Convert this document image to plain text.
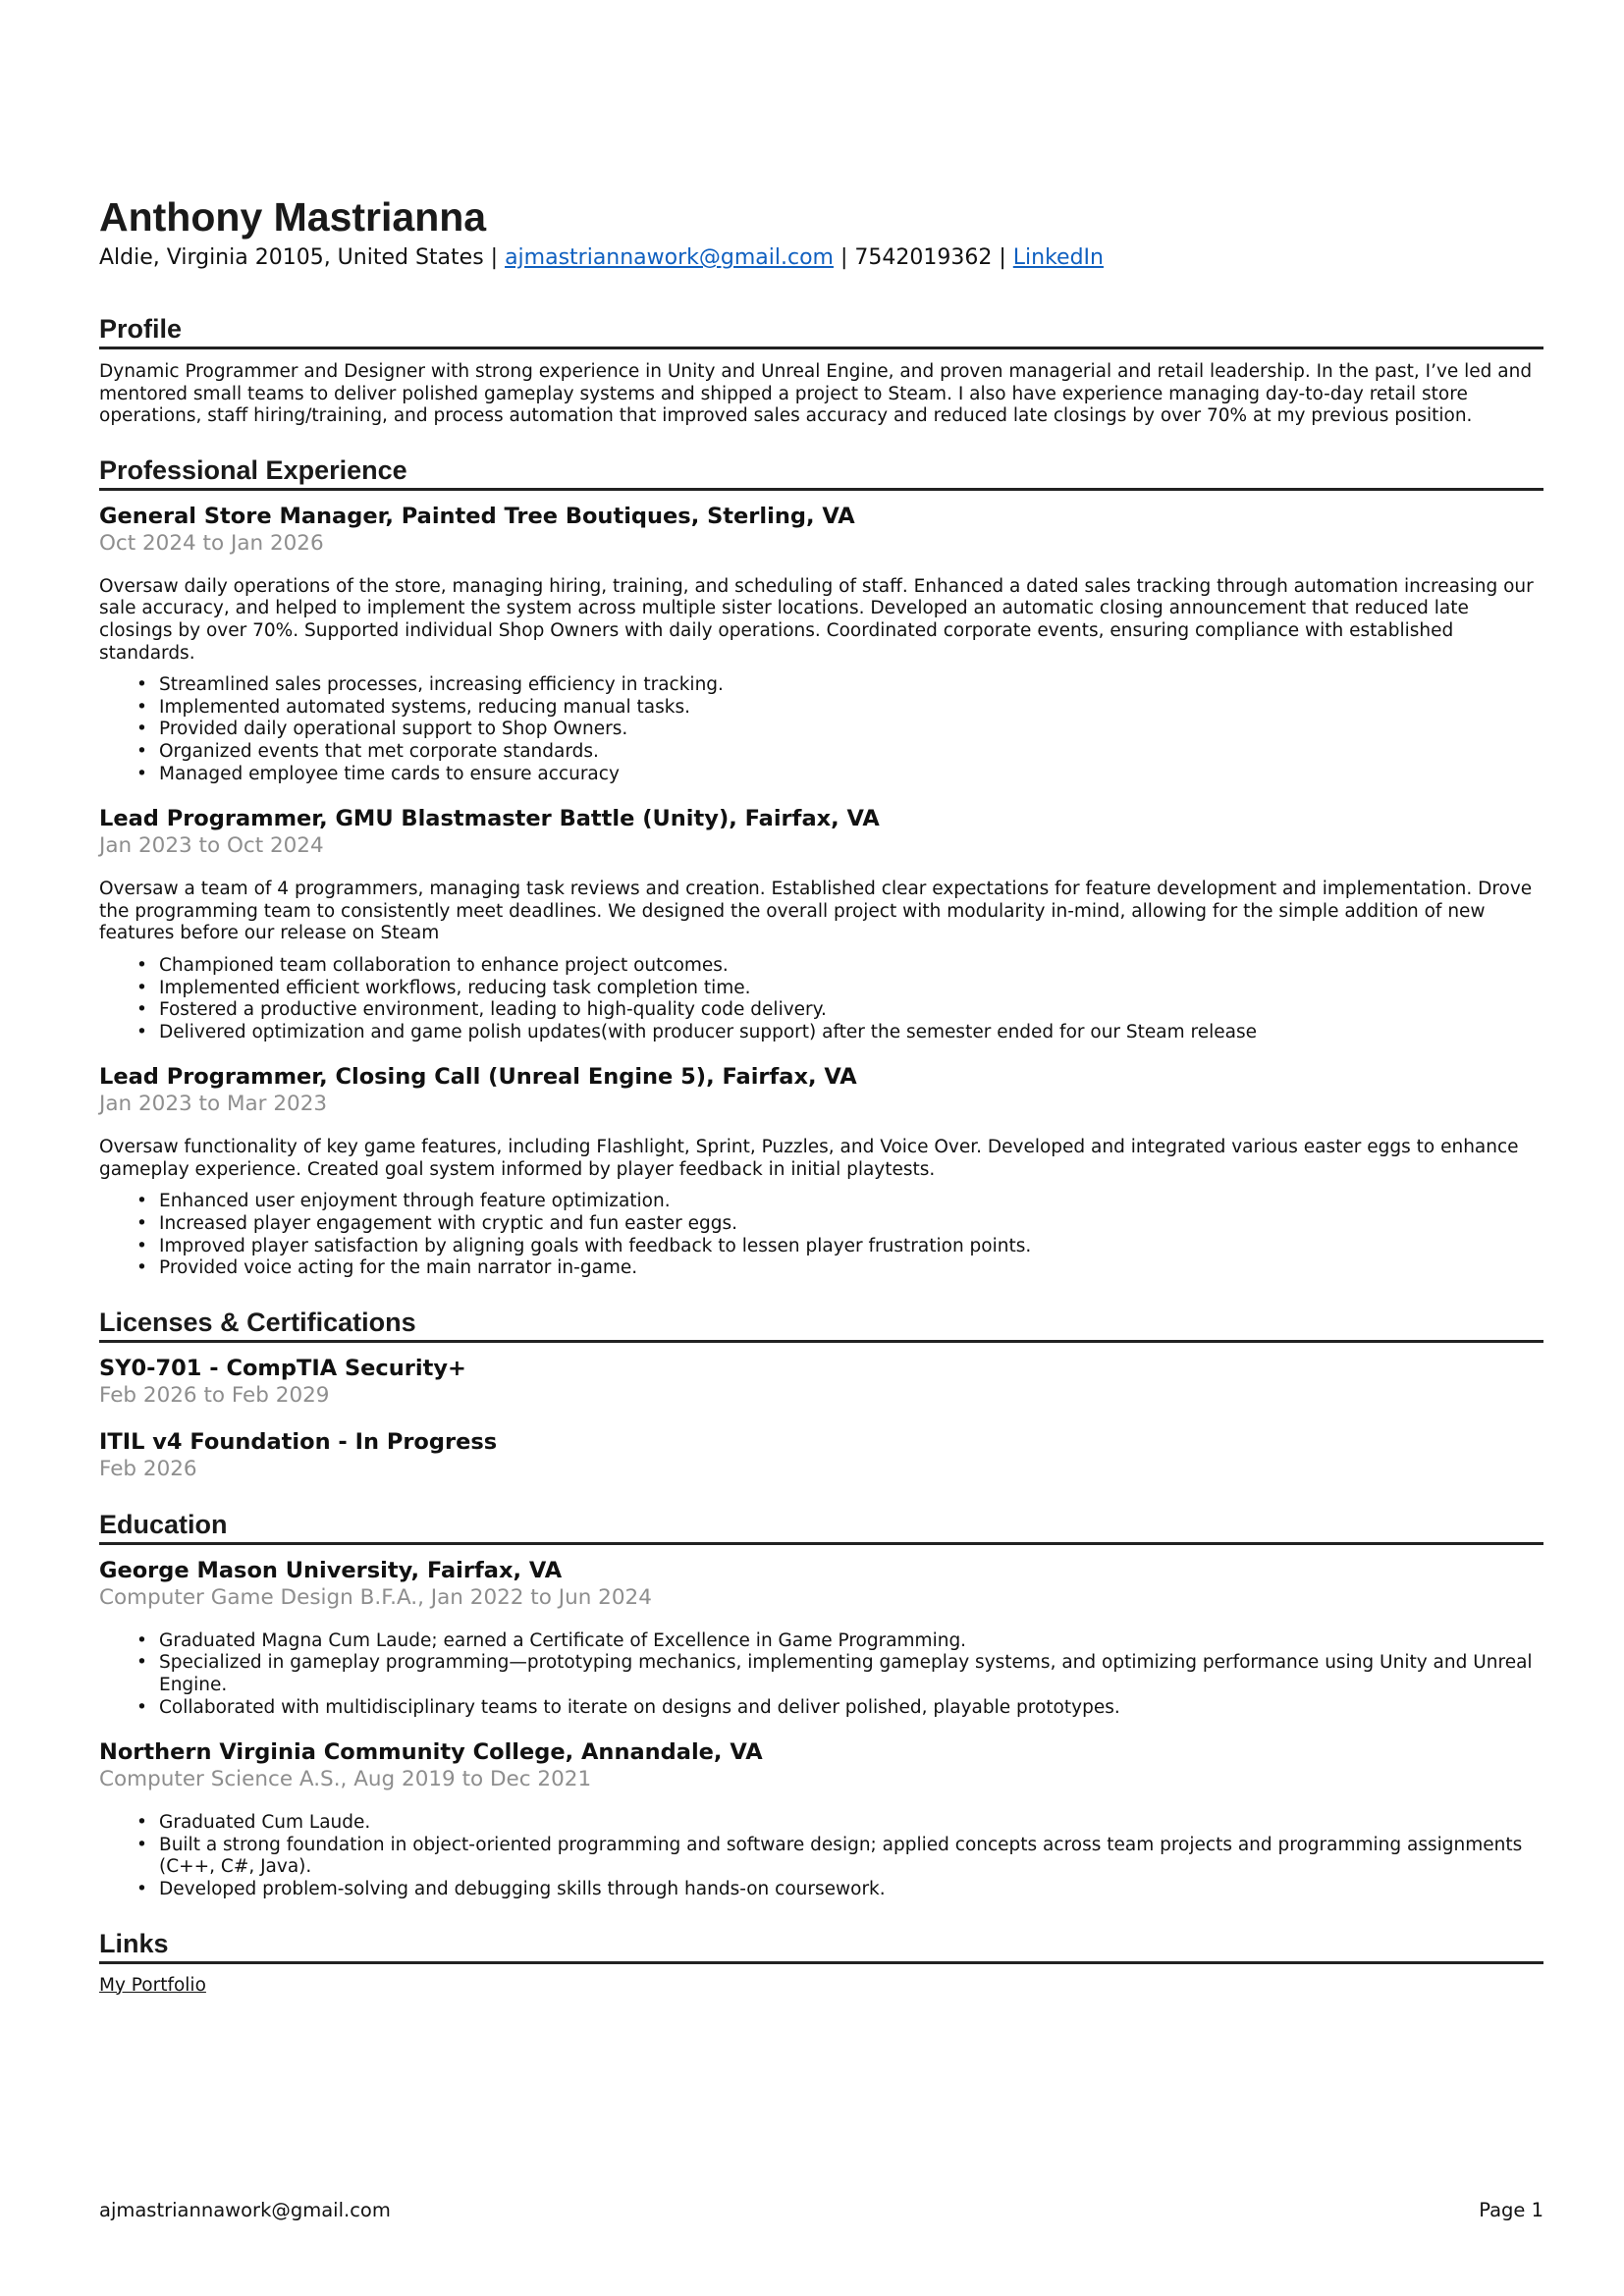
Anthony Mastrianna
Aldie, Virginia 20105, United States | ajmastriannawork@gmail.com | 7542019362 | LinkedIn
Profile

Dynamic Programmer and Designer with strong experience in Unity and Unreal Engine, and proven managerial and retail leadership. In the past, I’ve led and mentored small teams to deliver polished gameplay systems and shipped a project to Steam. I also have experience managing day-to-day retail store operations, staff hiring/training, and process automation that improved sales accuracy and reduced late closings by over 70% at my previous position.

Professional Experience

General Store Manager, Painted Tree Boutiques, Sterling, VA

Oct 2024 to Jan 2026

Oversaw daily operations of the store, managing hiring, training, and scheduling of staff. Enhanced a dated sales tracking through automation increasing our sale accuracy, and helped to implement the system across multiple sister locations. Developed an automatic closing announcement that reduced late closings by over 70%. Supported individual Shop Owners with daily operations. Coordinated corporate events, ensuring compliance with established standards.

• Streamlined sales processes, increasing efficiency in tracking.
• Implemented automated systems, reducing manual tasks.
• Provided daily operational support to Shop Owners.
• Organized events that met corporate standards.
• Managed employee time cards to ensure accuracy

Lead Programmer, GMU Blastmaster Battle (Unity), Fairfax, VA

Jan 2023 to Oct 2024

Oversaw a team of 4 programmers, managing task reviews and creation. Established clear expectations for feature development and implementation. Drove the programming team to consistently meet deadlines. We designed the overall project with modularity in-mind, allowing for the simple addition of new features before our release on Steam

• Championed team collaboration to enhance project outcomes.
• Implemented efficient workflows, reducing task completion time.
• Fostered a productive environment, leading to high-quality code delivery.
• Delivered optimization and game polish updates(with producer support) after the semester ended for our Steam release

Lead Programmer, Closing Call (Unreal Engine 5), Fairfax, VA

Jan 2023 to Mar 2023

Oversaw functionality of key game features, including Flashlight, Sprint, Puzzles, and Voice Over. Developed and integrated various easter eggs to enhance gameplay experience. Created goal system informed by player feedback in initial playtests.

• Enhanced user enjoyment through feature optimization.
• Increased player engagement with cryptic and fun easter eggs.
• Improved player satisfaction by aligning goals with feedback to lessen player frustration points.
• Provided voice acting for the main narrator in-game.
Licenses & Certifications

SY0-701 - CompTIA Security+

Feb 2026 to Feb 2029

ITIL v4 Foundation - In Progress

Feb 2026

Education

George Mason University, Fairfax, VA

Computer Game Design B.F.A., Jan 2022 to Jun 2024

• Graduated Magna Cum Laude; earned a Certificate of Excellence in Game Programming.
• Specialized in gameplay programming—prototyping mechanics, implementing gameplay systems, and optimizing performance using Unity and Unreal Engine.
• Collaborated with multidisciplinary teams to iterate on designs and deliver polished, playable prototypes.

Northern Virginia Community College, Annandale, VA

Computer Science A.S., Aug 2019 to Dec 2021

• Graduated Cum Laude.
• Built a strong foundation in object-oriented programming and software design; applied concepts across team projects and programming assignments (C++, C#, Java).
• Developed problem-solving and debugging skills through hands-on coursework.
Links
My Portfolio
ajmastriannawork@gmail.com	Page 1
